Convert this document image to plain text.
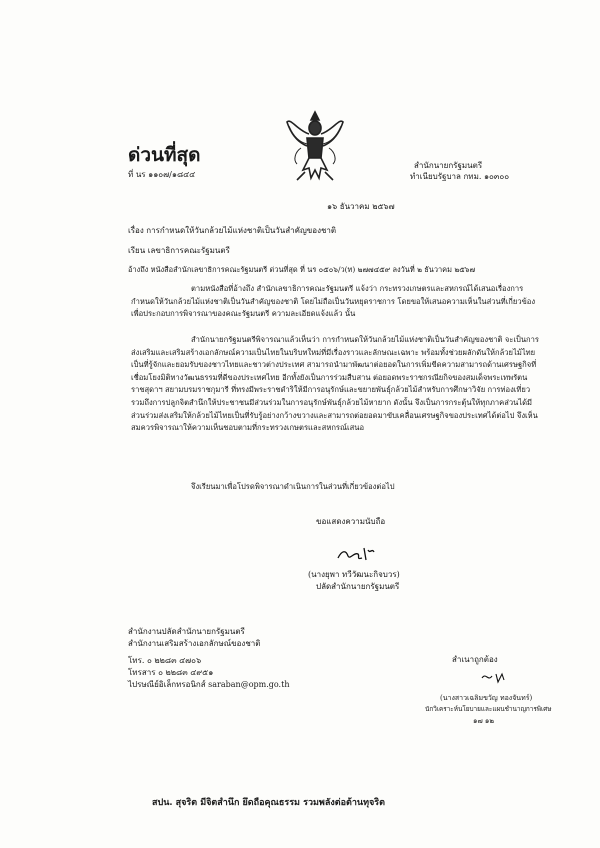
ด่วนที่สุด
ที่ นร ๑๑๐๗/๑๘๔๔
สำนักนายกรัฐมนตรี
ทำเนียบรัฐบาล กทม. ๑๐๓๐๐
๑๖ ธันวาคม ๒๕๖๗
เรื่อง การกำหนดให้วันกล้วยไม้แห่งชาติเป็นวันสำคัญของชาติ
เรียน เลขาธิการคณะรัฐมนตรี
อ้างถึง หนังสือสำนักเลขาธิการคณะรัฐมนตรี ด่วนที่สุด ที่ นร ๐๕๐๖/ว(ท) ๒๗๗๔๕๙ ลงวันที่ ๒ ธันวาคม ๒๕๖๗
ตามหนังสือที่อ้างถึง สำนักเลขาธิการคณะรัฐมนตรี แจ้งว่า กระทรวงเกษตรและสหกรณ์ได้เสนอเรื่องการกำหนดให้วันกล้วยไม้แห่งชาติเป็นวันสำคัญของชาติ โดยไม่ถือเป็นวันหยุดราชการ โดยขอให้เสนอความเห็นในส่วนที่เกี่ยวข้องเพื่อประกอบการพิจารณาของคณะรัฐมนตรี ความละเอียดแจ้งแล้ว นั้น
สำนักนายกรัฐมนตรีพิจารณาแล้วเห็นว่า การกำหนดให้วันกล้วยไม้แห่งชาติเป็นวันสำคัญของชาติ จะเป็นการส่งเสริมและเสริมสร้างเอกลักษณ์ความเป็นไทยในบริบทใหม่ที่มีเรื่องราวและลักษณะเฉพาะ พร้อมทั้งช่วยผลักดันให้กล้วยไม้ไทยเป็นที่รู้จักและยอมรับของชาวไทยและชาวต่างประเทศ สามารถนำมาพัฒนาต่อยอดในการเพิ่มขีดความสามารถด้านเศรษฐกิจที่เชื่อมโยงมิติทางวัฒนธรรมที่ดีของประเทศไทย อีกทั้งยังเป็นการร่วมสืบสาน ต่อยอดพระราชกรณียกิจของสมเด็จพระเทพรัตนราชสุดาฯ สยามบรมราชกุมารี ที่ทรงมีพระราชดำริให้มีการอนุรักษ์และขยายพันธุ์กล้วยไม้สำหรับการศึกษาวิจัย การท่องเที่ยว รวมถึงการปลูกจิตสำนึกให้ประชาชนมีส่วนร่วมในการอนุรักษ์พันธุ์กล้วยไม้หายาก ดังนั้น จึงเป็นการกระตุ้นให้ทุกภาคส่วนได้มีส่วนร่วมส่งเสริมให้กล้วยไม้ไทยเป็นที่รับรู้อย่างกว้างขวางและสามารถต่อยอดมาขับเคลื่อนเศรษฐกิจของประเทศได้ต่อไป จึงเห็นสมควรพิจารณาให้ความเห็นชอบตามที่กระทรวงเกษตรและสหกรณ์เสนอ
จึงเรียนมาเพื่อโปรดพิจารณาดำเนินการในส่วนที่เกี่ยวข้องต่อไป
ขอแสดงความนับถือ
(นางยุพา ทวีวัฒนะกิจบวร)
ปลัดสำนักนายกรัฐมนตรี
สำนักงานปลัดสำนักนายกรัฐมนตรี
สำนักงานเสริมสร้างเอกลักษณ์ของชาติ
โทร. ๐ ๒๒๘๓ ๔๗๐๖
โทรสาร ๐ ๒๒๘๓ ๔๙๕๑
ไปรษณีย์อิเล็กทรอนิกส์ saraban@opm.go.th
สำเนาถูกต้อง
(นางสาวเฉลิมขวัญ ทองจันทร์)
นักวิเคราะห์นโยบายและแผนชำนาญการพิเศษ
๑๗ ๑๒
สปน. สุจริต มีจิตสำนึก ยึดถือคุณธรรม รวมพลังต่อต้านทุจริต
